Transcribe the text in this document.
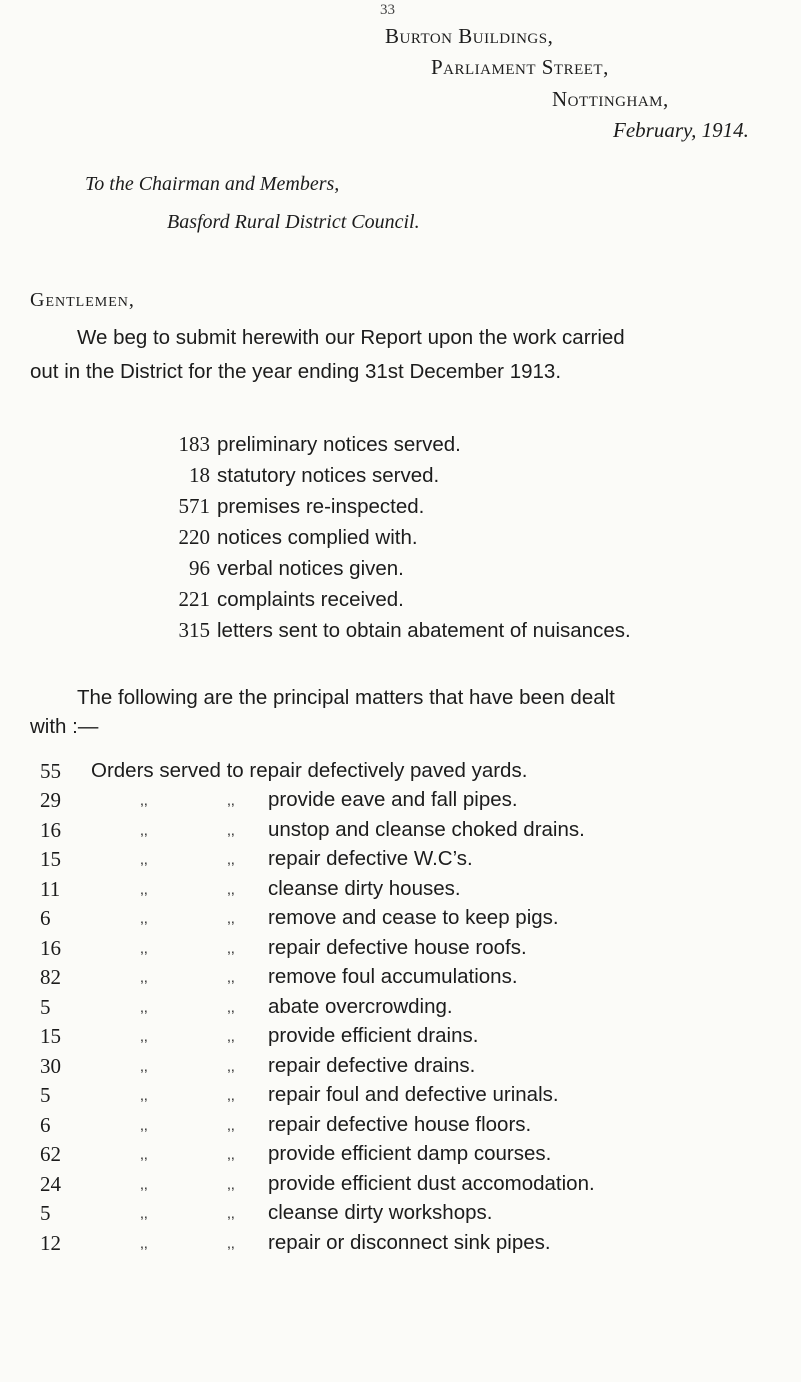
33
Burton Buildings,
Parliament Street,
Nottingham,
February, 1914.
To the Chairman and Members,
Basford Rural District Council.
Gentlemen,
We beg to submit herewith our Report upon the work carried
out in the District for the year ending 31st December 1913.
183 preliminary notices served.
18 statutory notices served.
571 premises re-inspected.
220 notices complied with.
96 verbal notices given.
221 complaints received.
315 letters sent to obtain abatement of nuisances.
The following are the principal matters that have been dealt
with :—
55	Orders served to repair defectively paved yards.
29	,,	,, provide eave and fall pipes.
16	,,	,, unstop and cleanse choked drains.
15	,,	,, repair defective W.C’s.
11	,,	,, cleanse dirty houses.
6	,,	,, remove and cease to keep pigs.
16	,,	,, repair defective house roofs.
82	,,	,, remove foul accumulations.
5	,,	,, abate overcrowding.
15	,,	,, provide efficient drains.
30	,,	,, repair defective drains.
5	,,	,, repair foul and defective urinals.
6	,,	,, repair defective house floors.
62	,,	,, provide efficient damp courses.
24	,,	,, provide efficient dust accomodation.
5	,,	,, cleanse dirty workshops.
12	,,	,, repair or disconnect sink pipes.
